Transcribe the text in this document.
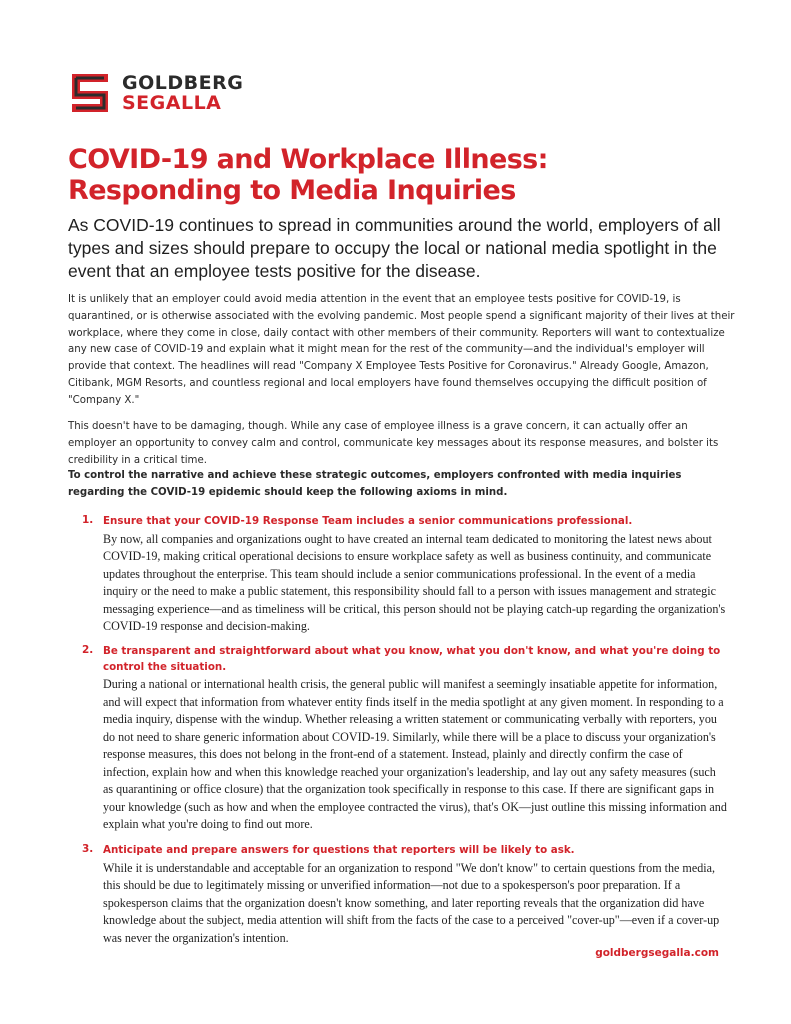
GOLDBERG
SEGALLA
COVID-19 and Workplace Illness:
Responding to Media Inquiries

As COVID-19 continues to spread in communities around the world, employers of all types and sizes should prepare to occupy the local or national media spotlight in the event that an employee tests positive for the disease.

It is unlikely that an employer could avoid media attention in the event that an employee tests positive for COVID-19, is quarantined, or is otherwise associated with the evolving pandemic. Most people spend a significant majority of their lives at their workplace, where they come in close, daily contact with other members of their community. Reporters will want to contextualize any new case of COVID-19 and explain what it might mean for the rest of the community—and the individual's employer will provide that context. The headlines will read "Company X Employee Tests Positive for Coronavirus." Already Google, Amazon, Citibank, MGM Resorts, and countless regional and local employers have found themselves occupying the difficult position of "Company X."

This doesn't have to be damaging, though. While any case of employee illness is a grave concern, it can actually offer an employer an opportunity to convey calm and control, communicate key messages about its response measures, and bolster its credibility in a critical time.

To control the narrative and achieve these strategic outcomes, employers confronted with media inquiries regarding the COVID-19 epidemic should keep the following axioms in mind.

1. Ensure that your COVID-19 Response Team includes a senior communications professional.

By now, all companies and organizations ought to have created an internal team dedicated to monitoring the latest news about COVID-19, making critical operational decisions to ensure workplace safety as well as business continuity, and communicate updates throughout the enterprise. This team should include a senior communications professional. In the event of a media inquiry or the need to make a public statement, this responsibility should fall to a person with issues management and strategic messaging experience—and as timeliness will be critical, this person should not be playing catch-up regarding the organization's COVID-19 response and decision-making.

2. Be transparent and straightforward about what you know, what you don't know, and what you're doing to control the situation.

During a national or international health crisis, the general public will manifest a seemingly insatiable appetite for information, and will expect that information from whatever entity finds itself in the media spotlight at any given moment. In responding to a media inquiry, dispense with the windup. Whether releasing a written statement or communicating verbally with reporters, you do not need to share generic information about COVID-19. Similarly, while there will be a place to discuss your organization's response measures, this does not belong in the front-end of a statement. Instead, plainly and directly confirm the case of infection, explain how and when this knowledge reached your organization's leadership, and lay out any safety measures (such as quarantining or office closure) that the organization took specifically in response to this case. If there are significant gaps in your knowledge (such as how and when the employee contracted the virus), that's OK—just outline this missing information and explain what you're doing to find out more.

3. Anticipate and prepare answers for questions that reporters will be likely to ask.

While it is understandable and acceptable for an organization to respond "We don't know" to certain questions from the media, this should be due to legitimately missing or unverified information—not due to a spokesperson's poor preparation. If a spokesperson claims that the organization doesn't know something, and later reporting reveals that the organization did have knowledge about the subject, media attention will shift from the facts of the case to a perceived "cover-up"—even if a cover-up was never the organization's intention.

goldbergsegalla.com
